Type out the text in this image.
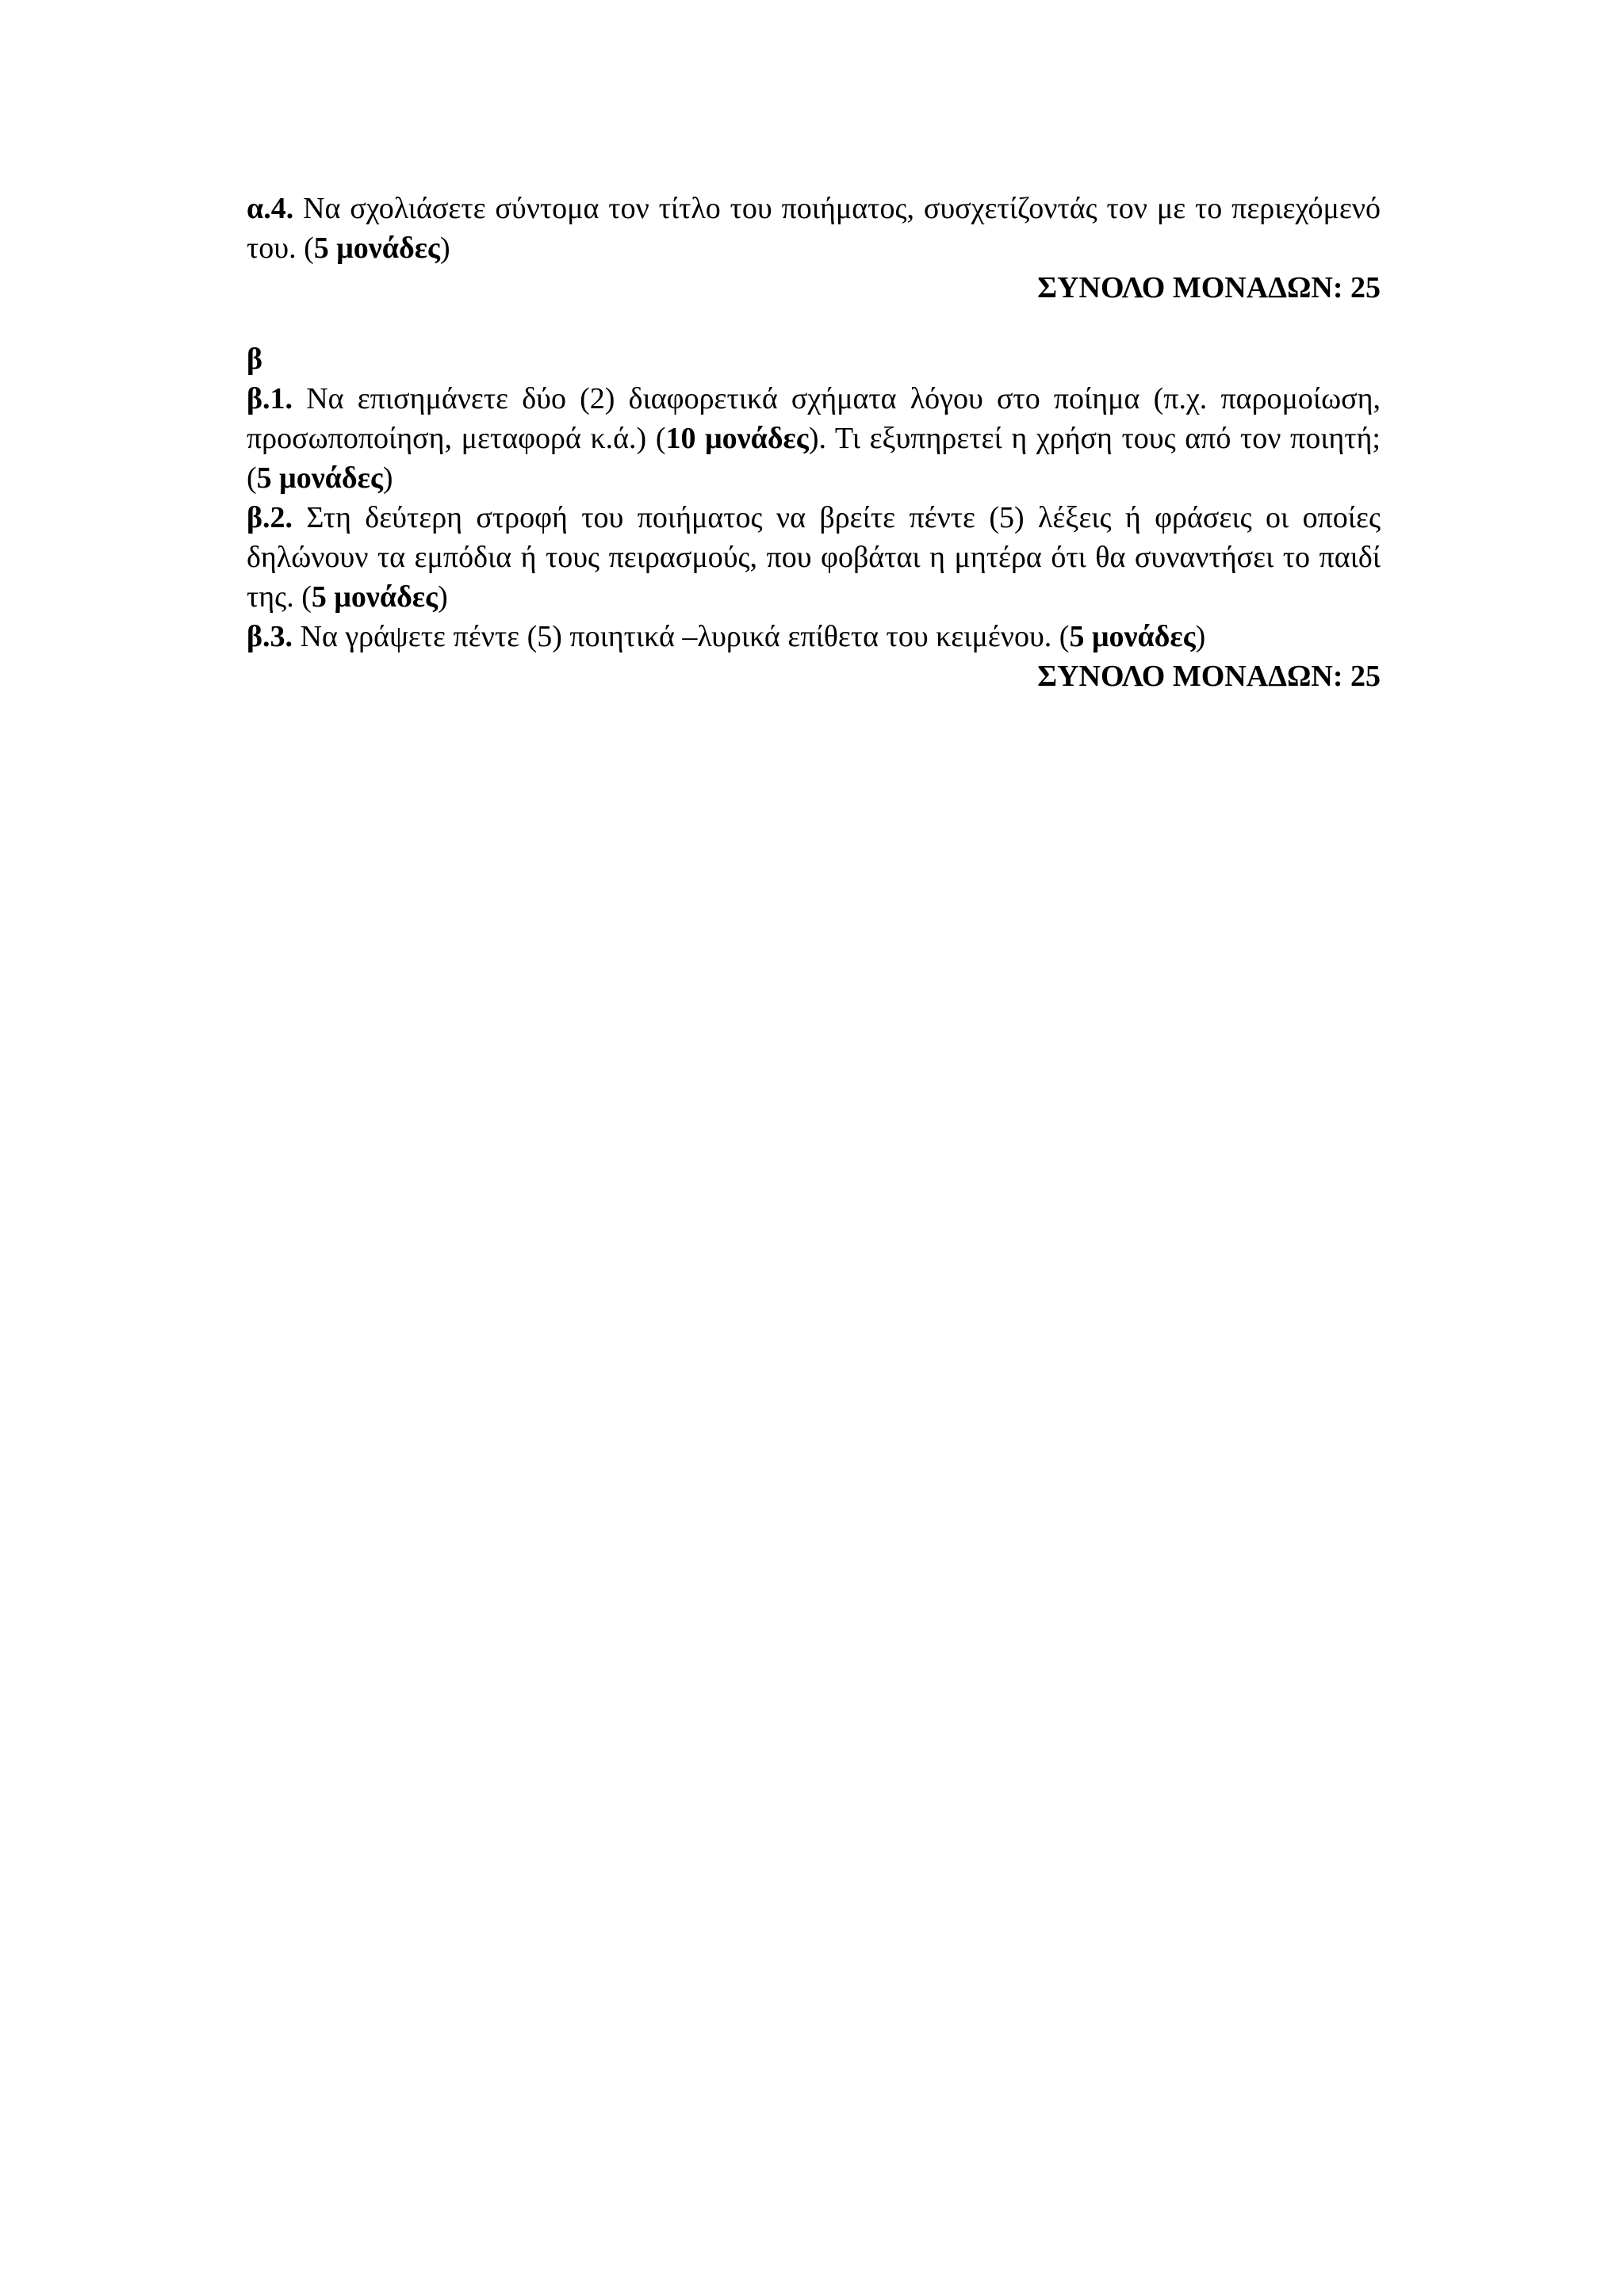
α.4. Να σχολιάσετε σύντομα τον τίτλο του ποιήματος, συσχετίζοντάς τον με το περιεχόμενό του. (5 μονάδες)

ΣΥΝΟΛΟ ΜΟΝΑΔΩΝ: 25

β

β.1. Να επισημάνετε δύο (2) διαφορετικά σχήματα λόγου στο ποίημα (π.χ. παρομοίωση, προσωποποίηση, μεταφορά κ.ά.) (10 μονάδες). Τι εξυπηρετεί η χρήση τους από τον ποιητή; (5 μονάδες)

β.2. Στη δεύτερη στροφή του ποιήματος να βρείτε πέντε (5) λέξεις ή φράσεις οι οποίες δηλώνουν τα εμπόδια ή τους πειρασμούς, που φοβάται η μητέρα ότι θα συναντήσει το παιδί της. (5 μονάδες)

β.3. Να γράψετε πέντε (5) ποιητικά –λυρικά επίθετα του κειμένου. (5 μονάδες)

ΣΥΝΟΛΟ ΜΟΝΑΔΩΝ: 25
